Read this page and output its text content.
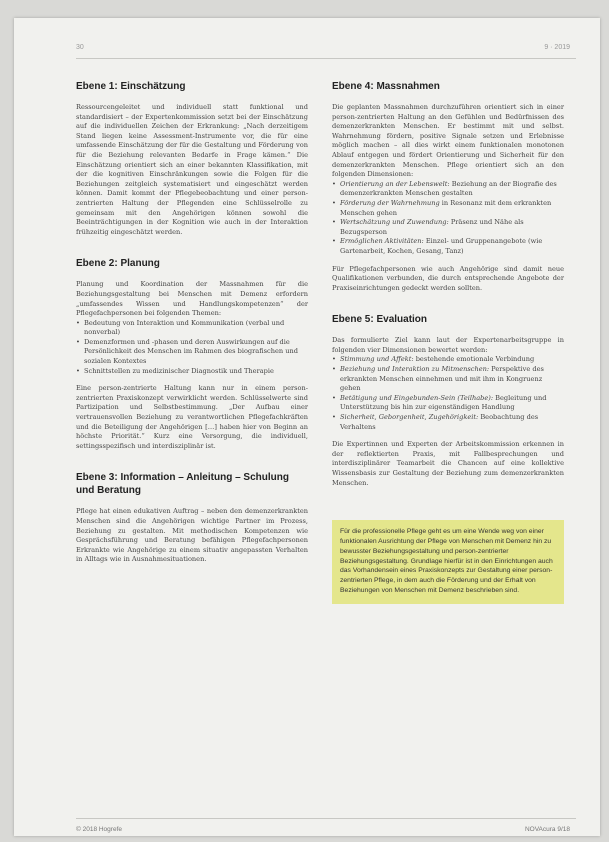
30	9 · 2019
Ebene 1: Einschätzung

Ressourcengeleitet und individuell statt funktional und standardisiert – der Expertenkommission setzt bei der Einschätzung auf die individuellen Zeichen der Erkrankung: „Nach derzeitigem Stand liegen keine Assessment-Instrumente vor, die für eine umfassende Einschätzung der für die Gestaltung und Förderung von für die Beziehung relevanten Bedarfe in Frage kämen.“ Die Einschätzung orientiert sich an einer bekannten Klassifikation, mit der die kognitiven Einschränkungen sowie die Folgen für die Beziehungen zeitgleich systematisiert und eingeschätzt werden können. Damit kommt der Pflegebeobachtung und einer person-zentrierten Haltung der Pflegenden eine Schlüsselrolle zu gemeinsam mit den Angehörigen können sowohl die Beeinträchtigungen in der Kognition wie auch in der Interaktion frühzeitig eingeschätzt werden.

Ebene 2: Planung

Planung und Koordination der Massnahmen für die Beziehungsgestaltung bei Menschen mit Demenz erfordern „umfassendes Wissen und Handlungskompetenzen“ der Pflegefachpersonen bei folgenden Themen:

• Bedeutung von Interaktion und Kommunikation (verbal und nonverbal)
• Demenzformen und -phasen und deren Auswirkungen auf die Persönlichkeit des Menschen im Rahmen des biografischen und sozialen Kontextes
• Schnittstellen zu medizinischer Diagnostik und Therapie

Eine person-zentrierte Haltung kann nur in einem person-zentrierten Praxiskonzept verwirklicht werden. Schlüsselwerte sind Partizipation und Selbstbestimmung. „Der Aufbau einer vertrauensvollen Beziehung zu verantwortlichen Pflegefachkräften und die Beteiligung der Angehörigen […] haben hier von Beginn an höchste Priorität.“ Kurz eine Versorgung, die individuell, settingsspezifisch und interdisziplinär ist.

Ebene 3: Information – Anleitung – Schulung und Beratung

Pflege hat einen edukativen Auftrag – neben den demenzerkrankten Menschen sind die Angehörigen wichtige Partner im Prozess, Beziehung zu gestalten. Mit methodischen Kompetenzen wie Gesprächsführung und Beratung befähigen Pflegefachpersonen Erkrankte wie Angehörige zu einem situativ angepassten Verhalten in Alltags wie in Ausnahmesituationen.

Ebene 4: Massnahmen

Die geplanten Massnahmen durchzuführen orientiert sich in einer person-zentrierten Haltung an den Gefühlen und Bedürfnissen des demenzerkrankten Menschen. Er bestimmt mit und selbst. Wahrnehmung fördern, positive Signale setzen und Erlebnisse möglich machen – all dies wirkt einem funktionalen monotonen Ablauf entgegen und fördert Orientierung und Sicherheit für den demenzerkrankten Menschen. Pflege orientiert sich an den folgenden Dimensionen:

• Orientierung an der Lebenswelt: Beziehung an der Biografie des demenzerkrankten Menschen gestalten
• Förderung der Wahrnehmung in Resonanz mit dem erkrankten Menschen gehen
• Wertschätzung und Zuwendung: Präsenz und Nähe als Bezugsperson
• Ermöglichen Aktivitäten: Einzel- und Gruppenangebote (wie Gartenarbeit, Kochen, Gesang, Tanz)

Für Pflegefachpersonen wie auch Angehörige sind damit neue Qualifikationen verbunden, die durch entsprechende Angebote der Praxiseinrichtungen gedeckt werden sollten.

Ebene 5: Evaluation

Das formulierte Ziel kann laut der Expertenarbeitsgruppe in folgenden vier Dimensionen bewertet werden:

• Stimmung und Affekt: bestehende emotionale Verbindung
• Beziehung und Interaktion zu Mitmenschen: Perspektive des erkrankten Menschen einnehmen und mit ihm in Kongruenz gehen
• Betätigung und Eingebunden-Sein (Teilhabe): Begleitung und Unterstützung bis hin zur eigenständigen Handlung
• Sicherheit, Geborgenheit, Zugehörigkeit: Beobachtung des Verhaltens

Die Expertinnen und Experten der Arbeitskommission erkennen in der reflektierten Praxis, mit Fallbesprechungen und interdisziplinärer Teamarbeit die Chancen auf eine kollektive Wissensbasis zur Gestaltung der Beziehung zum demenzerkrankten Menschen.

Für die professionelle Pflege geht es um eine Wende weg von einer funktionalen Ausrichtung der Pflege von Menschen mit Demenz hin zu bewusster Beziehungsgestaltung und person-zentrierter Beziehungsgestaltung. Grundlage hierfür ist in den Einrichtungen auch das Vorhandensein eines Praxiskonzepts zur Gestaltung einer person-zentrierten Pflege, in dem auch die Förderung und der Erhalt von Beziehungen von Menschen mit Demenz beschrieben sind.

© 2018 Hogrefe	NOVAcura 9/18
